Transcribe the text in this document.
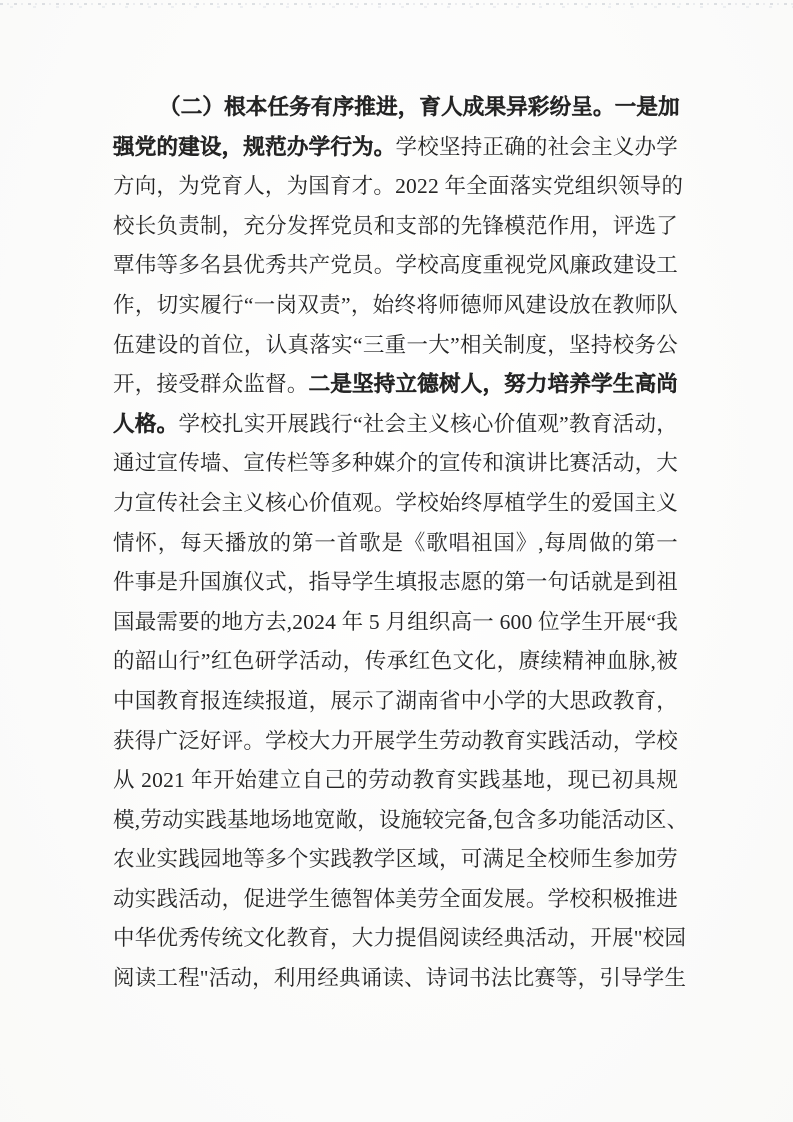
（二）根本任务有序推进，育人成果异彩纷呈。一是加
强党的建设，规范办学行为。学校坚持正确的社会主义办学
方向，为党育人，为国育才。2022 年全面落实党组织领导的
校长负责制，充分发挥党员和支部的先锋模范作用，评选了
覃伟等多名县优秀共产党员。学校高度重视党风廉政建设工
作，切实履行“一岗双责”，始终将师德师风建设放在教师队
伍建设的首位，认真落实“三重一大”相关制度，坚持校务公
开，接受群众监督。二是坚持立德树人，努力培养学生高尚
人格。学校扎实开展践行“社会主义核心价值观”教育活动，
通过宣传墙、宣传栏等多种媒介的宣传和演讲比赛活动，大
力宣传社会主义核心价值观。学校始终厚植学生的爱国主义
情怀，每天播放的第一首歌是《歌唱祖国》,每周做的第一
件事是升国旗仪式，指导学生填报志愿的第一句话就是到祖
国最需要的地方去,2024 年 5 月组织高一 600 位学生开展“我
的韶山行”红色研学活动，传承红色文化，赓续精神血脉,被
中国教育报连续报道，展示了湖南省中小学的大思政教育，
获得广泛好评。学校大力开展学生劳动教育实践活动，学校
从 2021 年开始建立自己的劳动教育实践基地，现已初具规
模,劳动实践基地场地宽敞，设施较完备,包含多功能活动区、
农业实践园地等多个实践教学区域，可满足全校师生参加劳
动实践活动，促进学生德智体美劳全面发展。学校积极推进
中华优秀传统文化教育，大力提倡阅读经典活动，开展"校园
阅读工程"活动，利用经典诵读、诗词书法比赛等，引导学生
